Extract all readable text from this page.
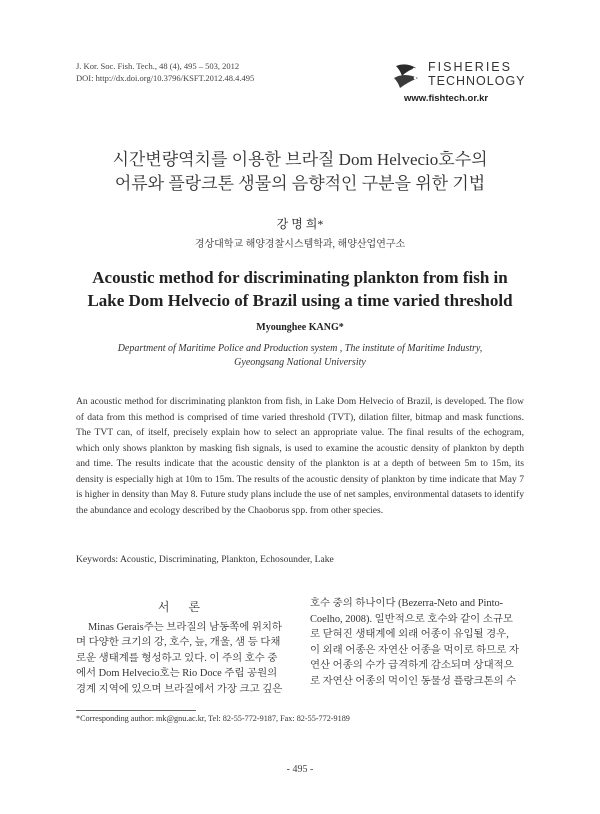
J. Kor. Soc. Fish. Tech., 48 (4), 495 – 503, 2012
DOI: http://dx.doi.org/10.3796/KSFT.2012.48.4.495
FISHERIES
TECHNOLOGY
www.fishtech.or.kr
시간변량역치를 이용한 브라질 Dom Helvecio호수의
어류와 플랑크톤 생물의 음향적인 구분을 위한 기법
강 명 희*
경상대학교 해양경찰시스템학과, 해양산업연구소
Acoustic method for discriminating plankton from fish in
Lake Dom Helvecio of Brazil using a time varied threshold
Myounghee KANG*
Department of Maritime Police and Production system , The institute of Maritime Industry,
Gyeongsang National University
An acoustic method for discriminating plankton from fish, in Lake Dom Helvecio of Brazil, is developed. The flow of data from this method is comprised of time varied threshold (TVT), dilation filter, bitmap and mask functions. The TVT can, of itself, precisely explain how to select an appropriate value. The final results of the echogram, which only shows plankton by masking fish signals, is used to examine the acoustic density of plankton by depth and time. The results indicate that the acoustic density of the plankton is at a depth of between 5m to 15m, its density is especially high at 10m to 15m. The results of the acoustic density of plankton by time indicate that May 7 is higher in density than May 8. Future study plans include the use of net samples, environmental datasets to identify the abundance and ecology described by the Chaoborus spp. from other species.
Keywords: Acoustic, Discriminating, Plankton, Echosounder, Lake
서 론

Minas Gerais주는 브라질의 남동쪽에 위치하
며 다양한 크기의 강, 호수, 늪, 개울, 샘 등 다채
로운 생태계를 형성하고 있다. 이 주의 호수 중
에서 Dom Helvecio호는 Rio Doce 주립 공원의
경계 지역에 있으며 브라질에서 가장 크고 깊은

호수 중의 하나이다 (Bezerra-Neto and Pinto-
Coelho, 2008). 일반적으로 호수와 같이 소규모
로 닫혀진 생태계에 외래 어종이 유입될 경우,
이 외래 어종은 자연산 어종을 먹이로 하므로 자
연산 어종의 수가 급격하게 감소되며 상대적으
로 자연산 어종의 먹이인 동물성 플랑크톤의 수

*Corresponding author: mk@gnu.ac.kr, Tel: 82-55-772-9187, Fax: 82-55-772-9189
- 495 -
